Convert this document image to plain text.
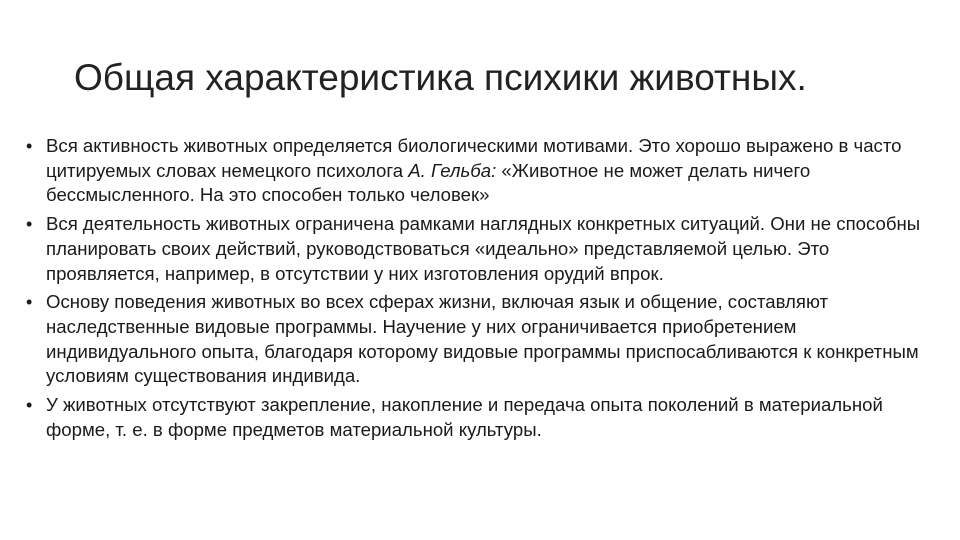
Общая характеристика психики животных.
• Вся активность животных определяется биологическими мотивами. Это хорошо выражено в часто цитируемых словах немецкого психолога А. Гельба: «Животное не может делать ничего бессмысленного. На это способен только человек»
• Вся деятельность животных ограничена рамками наглядных конкретных ситуаций. Они не способны планировать своих действий, руководствоваться «идеально» представляемой целью. Это проявляется, например, в отсутствии у них изготовления орудий впрок.
• Основу поведения животных во всех сферах жизни, включая язык и общение, составляют наследственные видовые программы. Научение у них ограничивается приобретением индивидуального опыта, благодаря которому видовые программы приспосабливаются к конкретным условиям существования индивида.
• У животных отсутствуют закрепление, накопление и передача опыта поколений в материальной форме, т. е. в форме предметов материальной культуры.
